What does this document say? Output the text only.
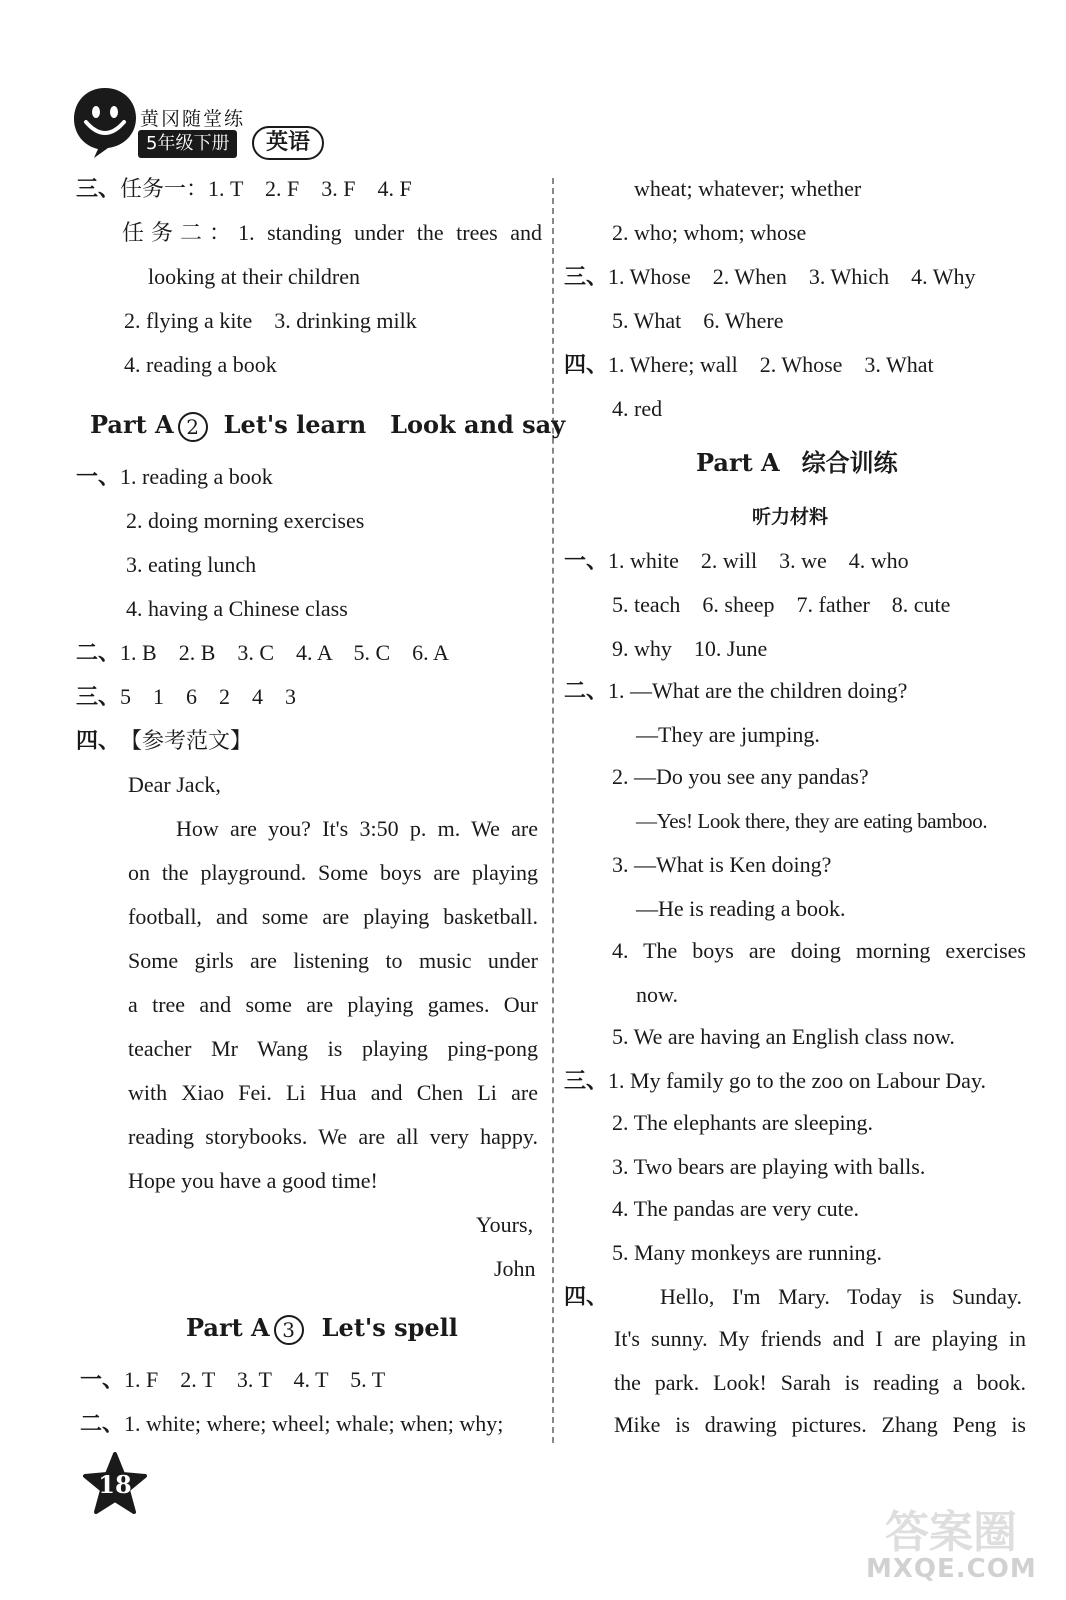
黄冈随堂练
5年级下册	英语
三、任务一：1. T　2. F　3. F　4. F
任务二：1. standing under the trees and
looking at their children
2. flying a kite　3. drinking milk
4. reading a book
Part A 2 Let's learn　Look and say
一、1. reading a book
2. doing morning exercises
3. eating lunch
4. having a Chinese class
二、1. B　2. B　3. C　4. A　5. C　6. A
三、5　1　6　2　4　3
四、【参考范文】
Dear Jack,
How are you? It's 3:50 p. m. We are
on the playground. Some boys are playing
football, and some are playing basketball.
Some girls are listening to music under
a tree and some are playing games. Our
teacher Mr Wang is playing ping-pong
with Xiao Fei. Li Hua and Chen Li are
reading storybooks. We are all very happy.
Hope you have a good time!
Yours,
John
Part A 3 Let's spell
一、1. F　2. T　3. T　4. T　5. T
二、1. white; where; wheel; whale; when; why;
wheat; whatever; whether
2. who; whom; whose
三、1. Whose　2. When　3. Which　4. Why
5. What　6. Where
四、1. Where; wall　2. Whose　3. What
4. red
Part A 综合训练
听力材料
一、1. white　2. will　3. we　4. who
5. teach　6. sheep　7. father　8. cute
9. why　10. June
二、1. —What are the children doing?
—They are jumping.
2. —Do you see any pandas?
—Yes! Look there, they are eating bamboo.
3. —What is Ken doing?
—He is reading a book.
4. The boys are doing morning exercises
now.
5. We are having an English class now.
三、1. My family go to the zoo on Labour Day.
2. The elephants are sleeping.
3. Two bears are playing with balls.
4. The pandas are very cute.
5. Many monkeys are running.
四、 Hello, I'm Mary. Today is Sunday.
It's sunny. My friends and I are playing in
the park. Look! Sarah is reading a book.
Mike is drawing pictures. Zhang Peng is
18
答案圈
MXQE.COM
